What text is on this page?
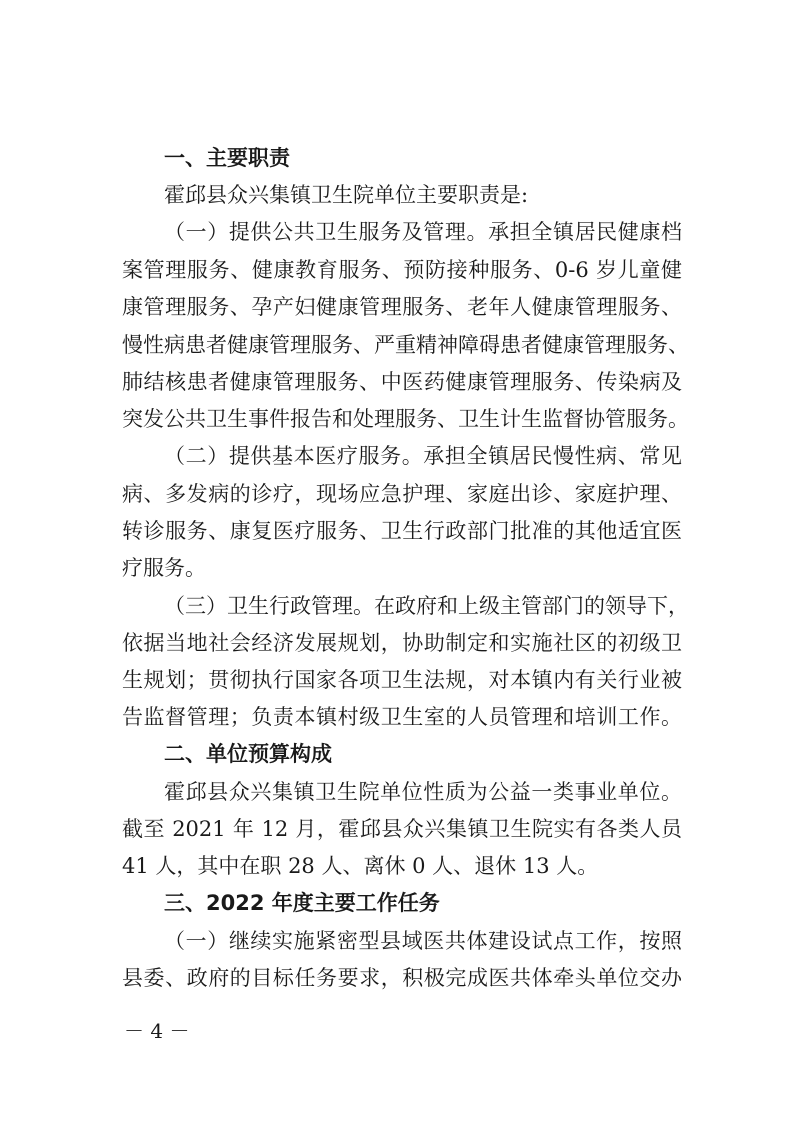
一、主要职责
霍邱县众兴集镇卫生院单位主要职责是:
（一）提供公共卫生服务及管理。承担全镇居民健康档
案管理服务、健康教育服务、预防接种服务、0-6 岁儿童健
康管理服务、孕产妇健康管理服务、老年人健康管理服务、
慢性病患者健康管理服务、严重精神障碍患者健康管理服务、
肺结核患者健康管理服务、中医药健康管理服务、传染病及
突发公共卫生事件报告和处理服务、卫生计生监督协管服务。
（二）提供基本医疗服务。承担全镇居民慢性病、常见
病、多发病的诊疗，现场应急护理、家庭出诊、家庭护理、
转诊服务、康复医疗服务、卫生行政部门批准的其他适宜医
疗服务。
（三）卫生行政管理。在政府和上级主管部门的领导下，
依据当地社会经济发展规划，协助制定和实施社区的初级卫
生规划；贯彻执行国家各项卫生法规，对本镇内有关行业被
告监督管理；负责本镇村级卫生室的人员管理和培训工作。
二、单位预算构成
霍邱县众兴集镇卫生院单位性质为公益一类事业单位。
截至 2021 年 12 月，霍邱县众兴集镇卫生院实有各类人员
41 人，其中在职 28 人、离休 0 人、退休 13 人。
三、2022 年度主要工作任务
（一）继续实施紧密型县域医共体建设试点工作，按照
县委、政府的目标任务要求，积极完成医共体牵头单位交办
－ 4 －
